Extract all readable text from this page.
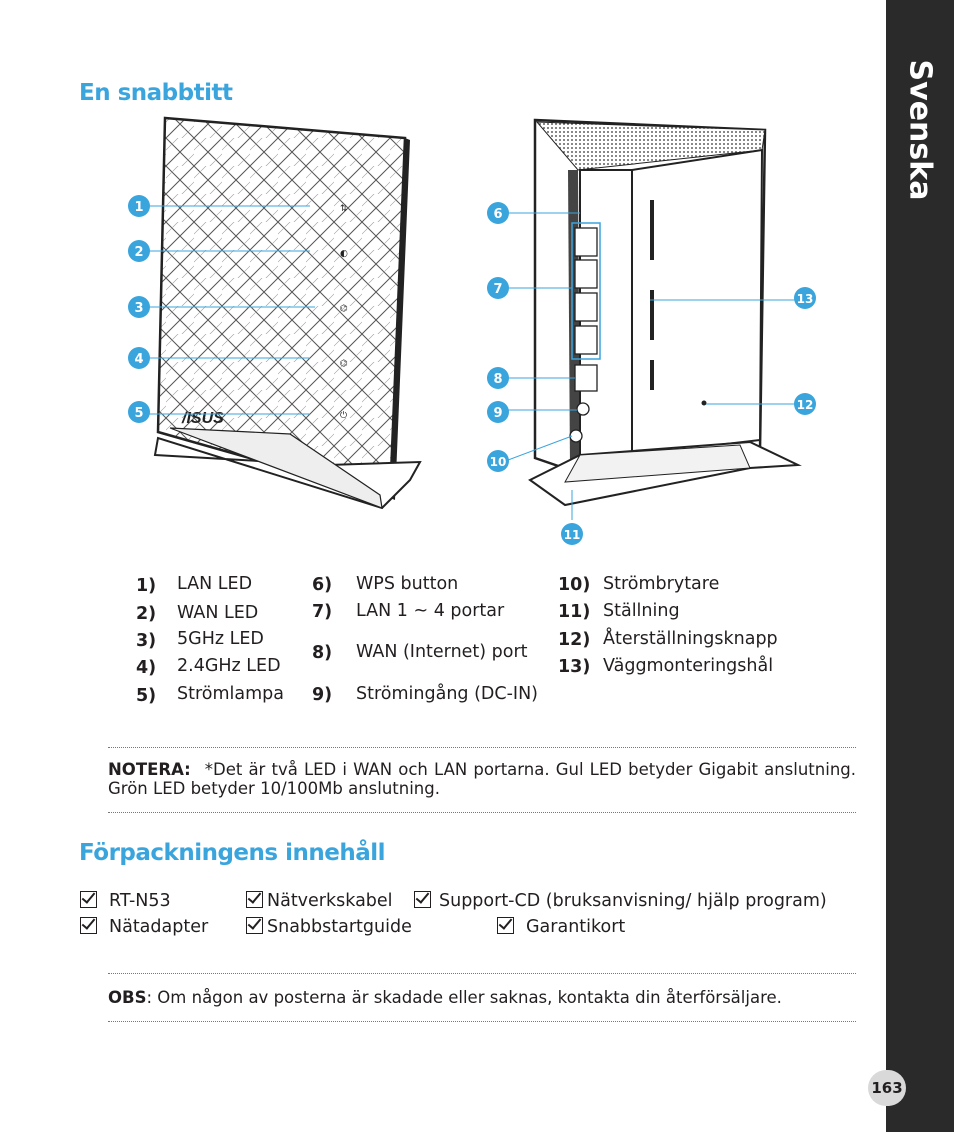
Svenska
En snabbtitt
/ISUS
⇅
◐
⌬
⌬
⏻
1
2
3
4
5
6
7
8
9
10
11
12
13
1) LAN LED
2) WAN LED
3) 5GHz LED
4) 2.4GHz LED
5) Strömlampa
6) WPS button
7) LAN 1 ~ 4 portar
8) WAN (Internet) port
9) Strömingång (DC-IN)
10) Strömbrytare
11) Ställning
12) Återställningsknapp
13) Väggmonteringshål
NOTERA: *Det är två LED i WAN och LAN portarna. Gul LED betyder Gigabit anslutning. Grön LED betyder 10/100Mb anslutning.
Förpackningens innehåll
RT-N53	Nätverkskabel	Support-CD (bruksanvisning/ hjälp program)
Nätadapter	Snabbstartguide	Garantikort
OBS: Om någon av posterna är skadade eller saknas, kontakta din återförsäljare.
163
